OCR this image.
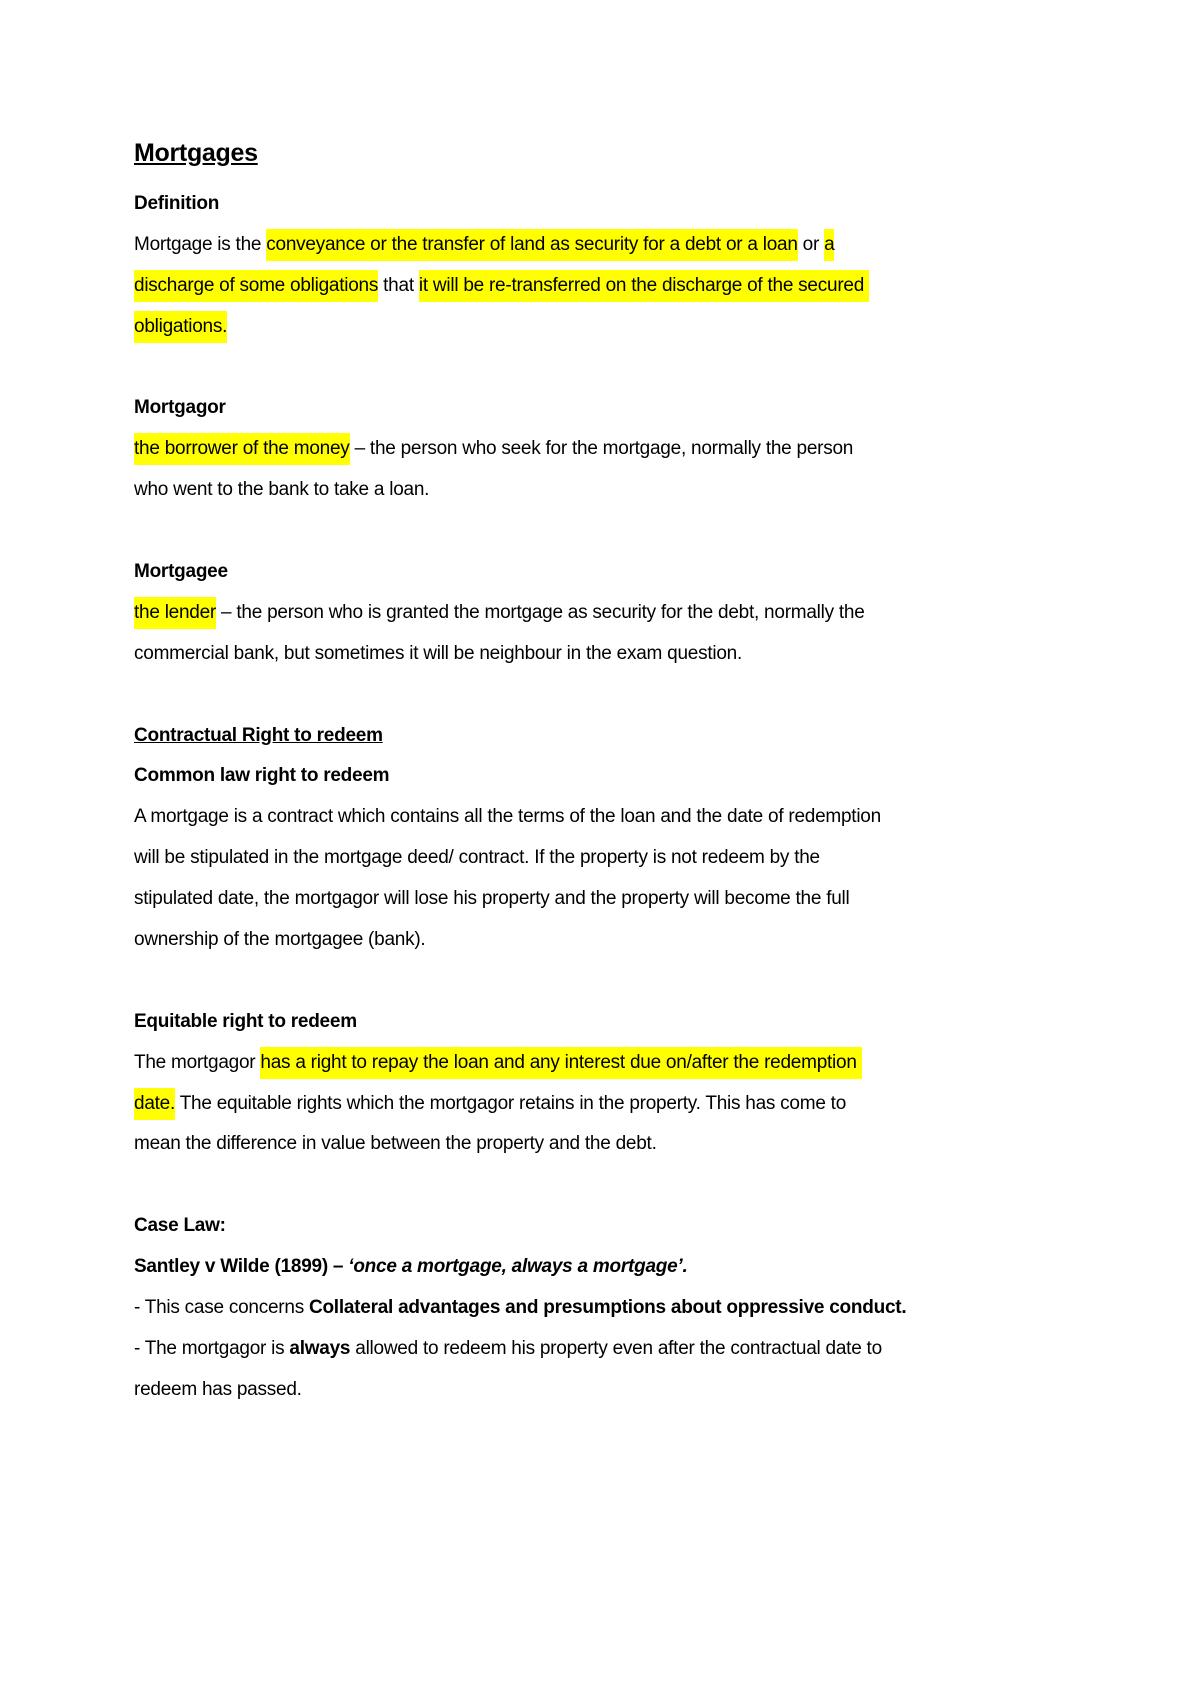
Mortgages
Definition
Mortgage is the conveyance or the transfer of land as security for a debt or a loan or a
discharge of some obligations that it will be re-transferred on the discharge of the secured
obligations.
Mortgagor
the borrower of the money – the person who seek for the mortgage, normally the person
who went to the bank to take a loan.
Mortgagee
the lender – the person who is granted the mortgage as security for the debt, normally the
commercial bank, but sometimes it will be neighbour in the exam question.
Contractual Right to redeem
Common law right to redeem
A mortgage is a contract which contains all the terms of the loan and the date of redemption
will be stipulated in the mortgage deed/ contract. If the property is not redeem by the
stipulated date, the mortgagor will lose his property and the property will become the full
ownership of the mortgagee (bank).
Equitable right to redeem
The mortgagor has a right to repay the loan and any interest due on/after the redemption
date. The equitable rights which the mortgagor retains in the property. This has come to
mean the difference in value between the property and the debt.
Case Law:
Santley v Wilde (1899) – ‘once a mortgage, always a mortgage’.
- This case concerns Collateral advantages and presumptions about oppressive conduct.
- The mortgagor is always allowed to redeem his property even after the contractual date to
redeem has passed.
